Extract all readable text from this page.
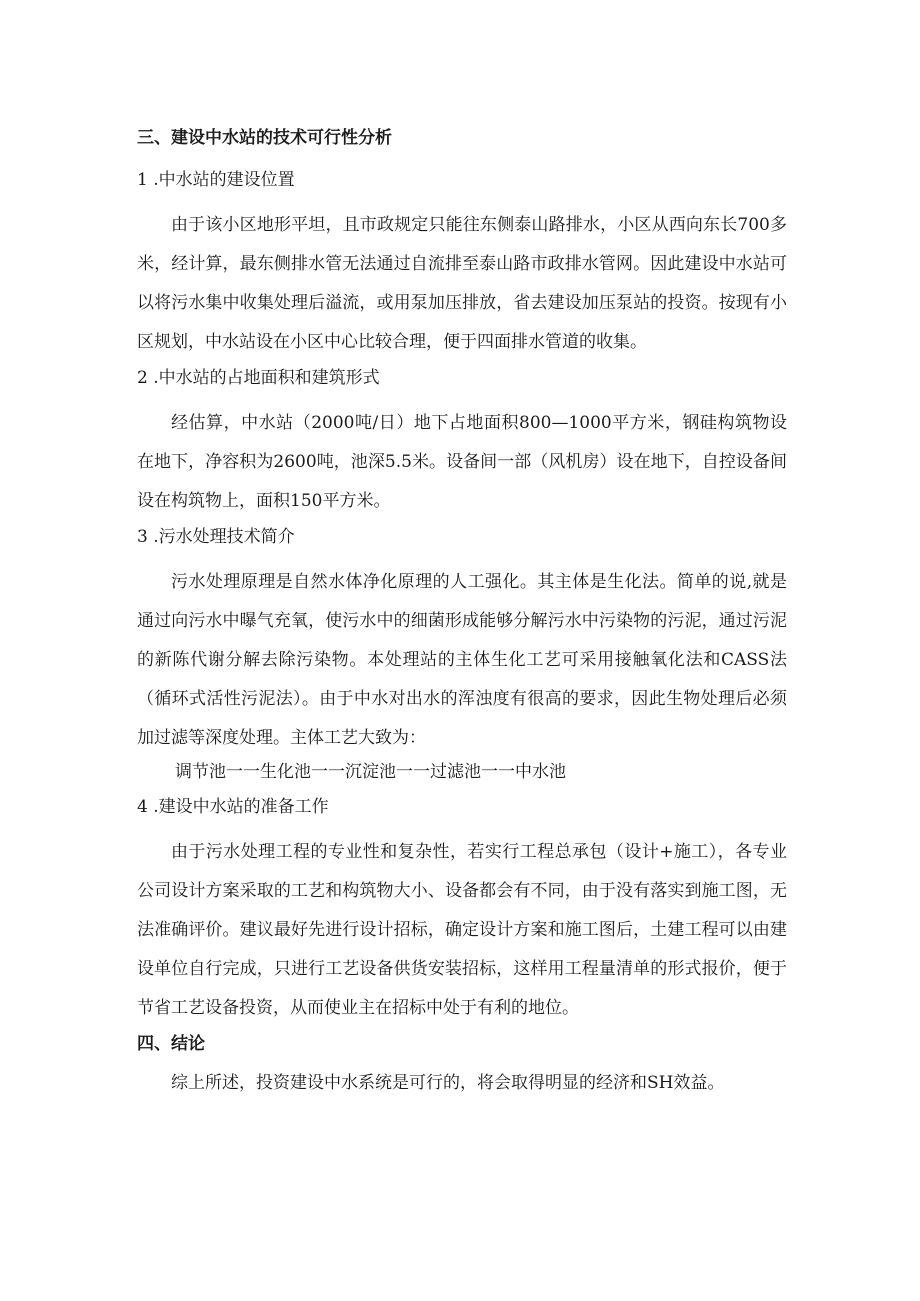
三、建设中水站的技术可行性分析
1 .中水站的建设位置
由于该小区地形平坦，且市政规定只能往东侧泰山路排水，小区从西向东长700多米，经计算，最东侧排水管无法通过自流排至泰山路市政排水管网。因此建设中水站可以将污水集中收集处理后溢流，或用泵加压排放，省去建设加压泵站的投资。按现有小区规划，中水站设在小区中心比较合理，便于四面排水管道的收集。
2 .中水站的占地面积和建筑形式
经估算，中水站（2000吨/日）地下占地面积800—1000平方米，钢硅构筑物设在地下，净容积为2600吨，池深5.5米。设备间一部（风机房）设在地下，自控设备间设在构筑物上，面积150平方米。
3 .污水处理技术简介
污水处理原理是自然水体净化原理的人工强化。其主体是生化法。简单的说,就是通过向污水中曝气充氧，使污水中的细菌形成能够分解污水中污染物的污泥，通过污泥的新陈代谢分解去除污染物。本处理站的主体生化工艺可采用接触氧化法和CASS法（循环式活性污泥法）。由于中水对出水的浑浊度有很高的要求，因此生物处理后必须加过滤等深度处理。主体工艺大致为：
调节池一一生化池一一沉淀池一一过滤池一一中水池
4 .建设中水站的准备工作
由于污水处理工程的专业性和复杂性，若实行工程总承包（设计+施工），各专业公司设计方案采取的工艺和构筑物大小、设备都会有不同，由于没有落实到施工图，无法准确评价。建议最好先进行设计招标，确定设计方案和施工图后，土建工程可以由建设单位自行完成，只进行工艺设备供货安装招标，这样用工程量清单的形式报价，便于节省工艺设备投资，从而使业主在招标中处于有利的地位。
四、结论
综上所述，投资建设中水系统是可行的，将会取得明显的经济和SH效益。
